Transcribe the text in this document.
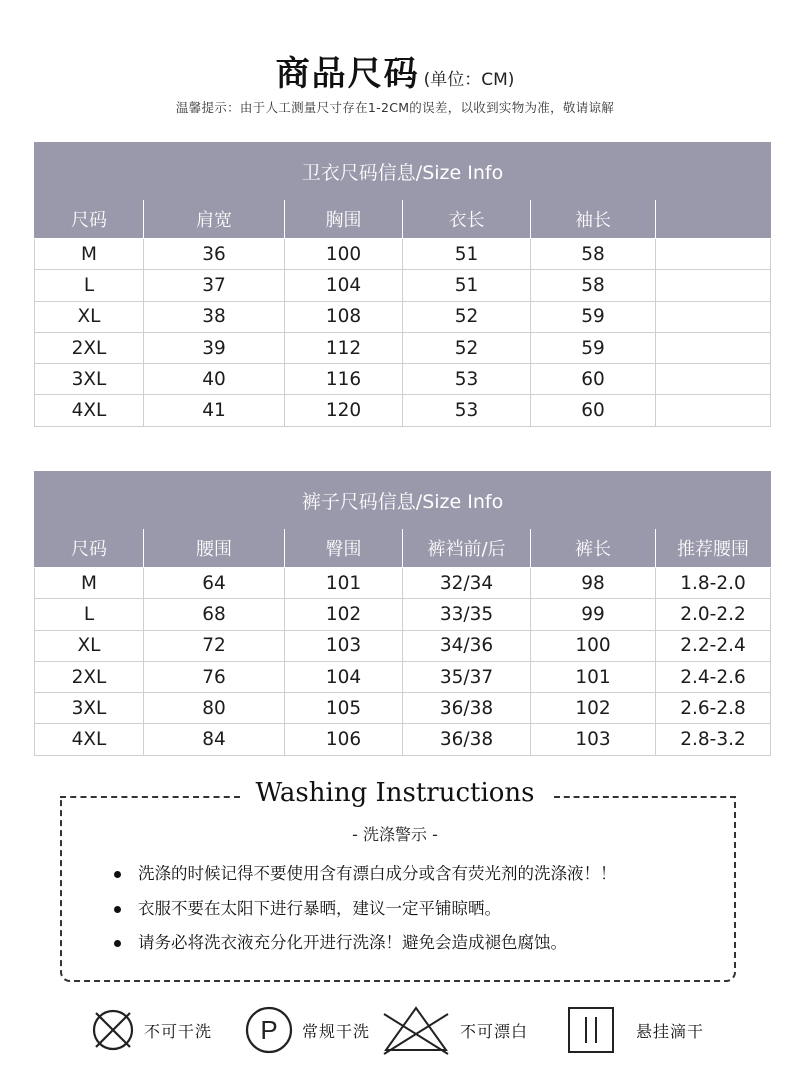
商品尺码 (单位：CM)
温馨提示：由于人工测量尺寸存在1-2CM的误差，以收到实物为准，敬请谅解
卫衣尺码信息/Size Info					
尺码	肩宽	胸围	衣长	袖长	
M	36	100	51	58	
L	37	104	51	58	
XL	38	108	52	59	
2XL	39	112	52	59	
3XL	40	116	53	60	
4XL	41	120	53	60	
裤子尺码信息/Size Info					
尺码	腰围	臀围	裤裆前/后	裤长	推荐腰围
M	64	101	32/34	98	1.8-2.0
L	68	102	33/35	99	2.0-2.2
XL	72	103	34/36	100	2.2-2.4
2XL	76	104	35/37	101	2.4-2.6
3XL	80	105	36/38	102	2.6-2.8
4XL	84	106	36/38	103	2.8-3.2
Washing Instructions
- 洗涤警示 -
洗涤的时候记得不要使用含有漂白成分或含有荧光剂的洗涤液！！
衣服不要在太阳下进行暴晒，建议一定平铺晾晒。
请务必将洗衣液充分化开进行洗涤！避免会造成褪色腐蚀。
不可干洗 P 常规干洗	不可漂白	悬挂滴干
